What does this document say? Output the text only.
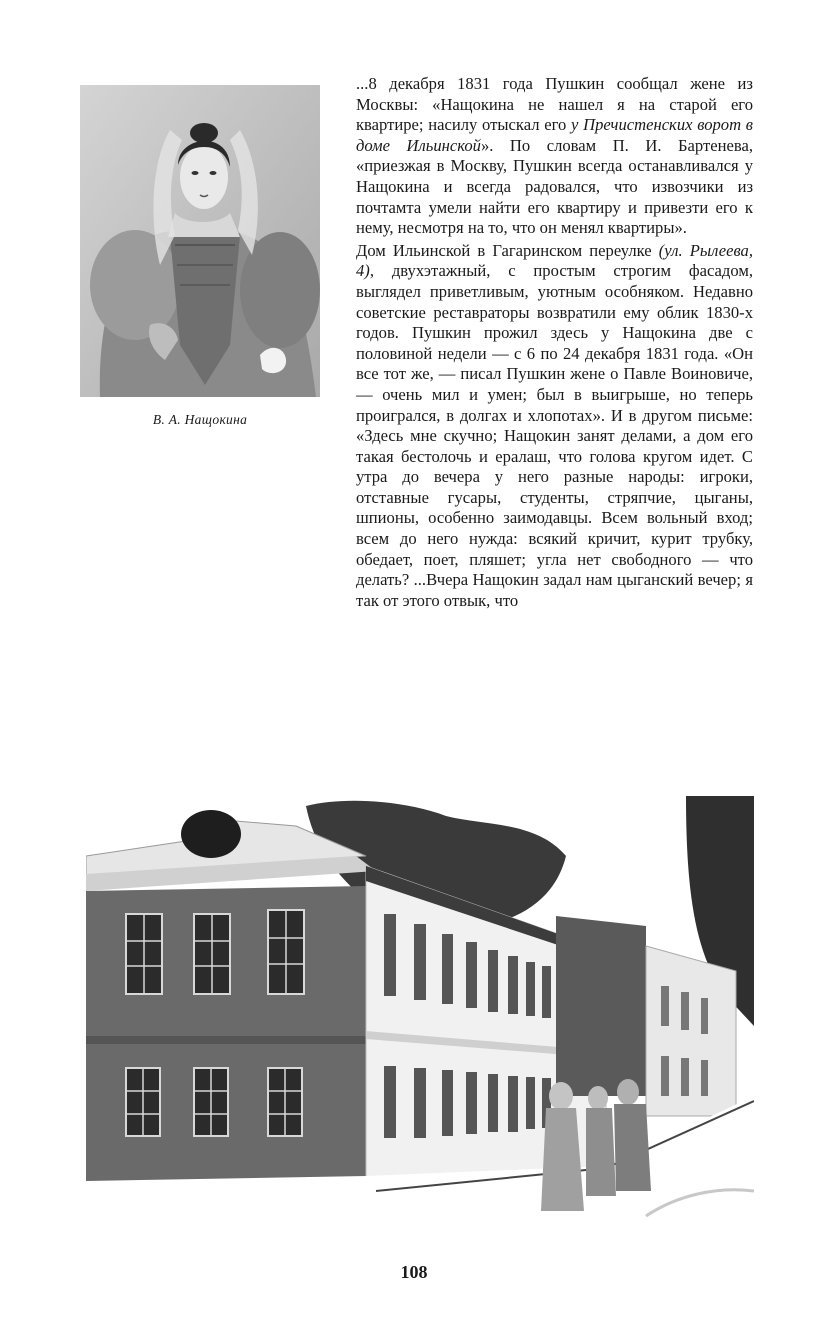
В. А. Нащокина

...8 декабря 1831 года Пушкин сообщал жене из Москвы: «Нащокина не нашел я на старой его квартире; насилу отыскал его у Пречистенских ворот в доме Ильинской». По словам П. И. Бартенева, «приезжая в Москву, Пушкин всегда останавливался у Нащокина и всегда радовался, что извозчики из почтамта умели найти его квартиру и привезти его к нему, несмотря на то, что он менял квартиры».

Дом Ильинской в Гагаринском переулке (ул. Рылеева, 4), двухэтажный, с простым строгим фасадом, выглядел приветливым, уютным особняком. Недавно советские реставраторы возвратили ему облик 1830-х годов. Пушкин прожил здесь у Нащокина две с половиной недели — с 6 по 24 декабря 1831 года. «Он все тот же, — писал Пушкин жене о Павле Воиновиче, — очень мил и умен; был в выигрыше, но теперь проигрался, в долгах и хлопотах». И в другом письме: «Здесь мне скучно; Нащокин занят делами, а дом его такая бестолочь и ералаш, что голова кругом идет. С утра до вечера у него разные народы: игроки, отставные гусары, студенты, стряпчие, цыганы, шпионы, особенно заимодавцы. Всем вольный вход; всем до него нужда: всякий кричит, курит трубку, обедает, поет, пляшет; угла нет свободного — что делать? ...Вчера Нащокин задал нам цыганский вечер; я так от этого отвык, что

108
